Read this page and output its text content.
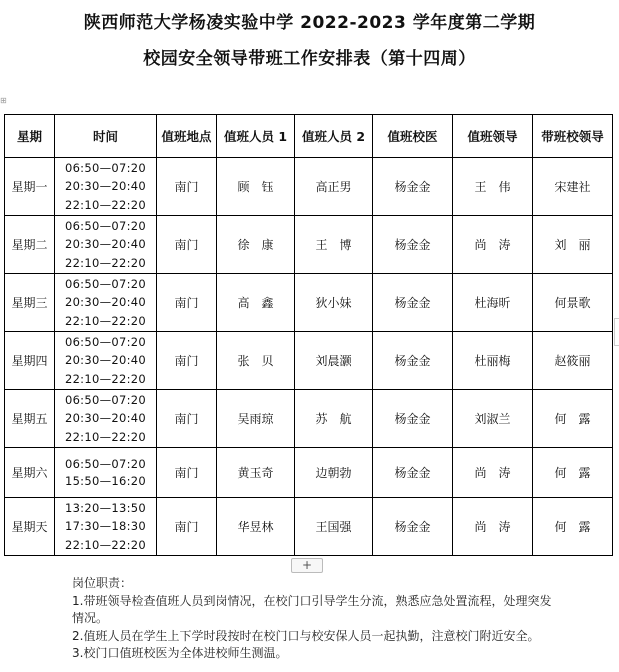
⊞
陕西师范大学杨凌实验中学 2022-2023 学年度第二学期
校园安全领导带班工作安排表（第十四周）
星期	时间	值班地点	值班人员 1	值班人员 2	值班校医	值班领导	带班校领导
星期一	06:50—07:20
20:30—20:40
22:10—22:20	南门	顾　钰	高正男	杨金金	王　伟	宋建社
星期二	06:50—07:20
20:30—20:40
22:10—22:20	南门	徐　康	王　博	杨金金	尚　涛	刘　丽
星期三	06:50—07:20
20:30—20:40
22:10—22:20	南门	高　鑫	狄小妹	杨金金	杜海昕	何景歌
星期四	06:50—07:20
20:30—20:40
22:10—22:20	南门	张　贝	刘晨灏	杨金金	杜丽梅	赵筱丽
星期五	06:50—07:20
20:30—20:40
22:10—22:20	南门	吴雨琼	苏　航	杨金金	刘淑兰	何　露
星期六	06:50—07:20
15:50—16:20	南门	黄玉奇	边朝勃	杨金金	尚　涛	何　露
星期天	13:20—13:50
17:30—18:30
22:10—22:20	南门	华昱林	王国强	杨金金	尚　涛	何　露
+

岗位职责：

1.带班领导检查值班人员到岗情况，在校门口引导学生分流，熟悉应急处置流程，处理突发

情况。

2.值班人员在学生上下学时段按时在校门口与校安保人员一起执勤，注意校门附近安全。

3.校门口值班校医为全体进校师生测温。
